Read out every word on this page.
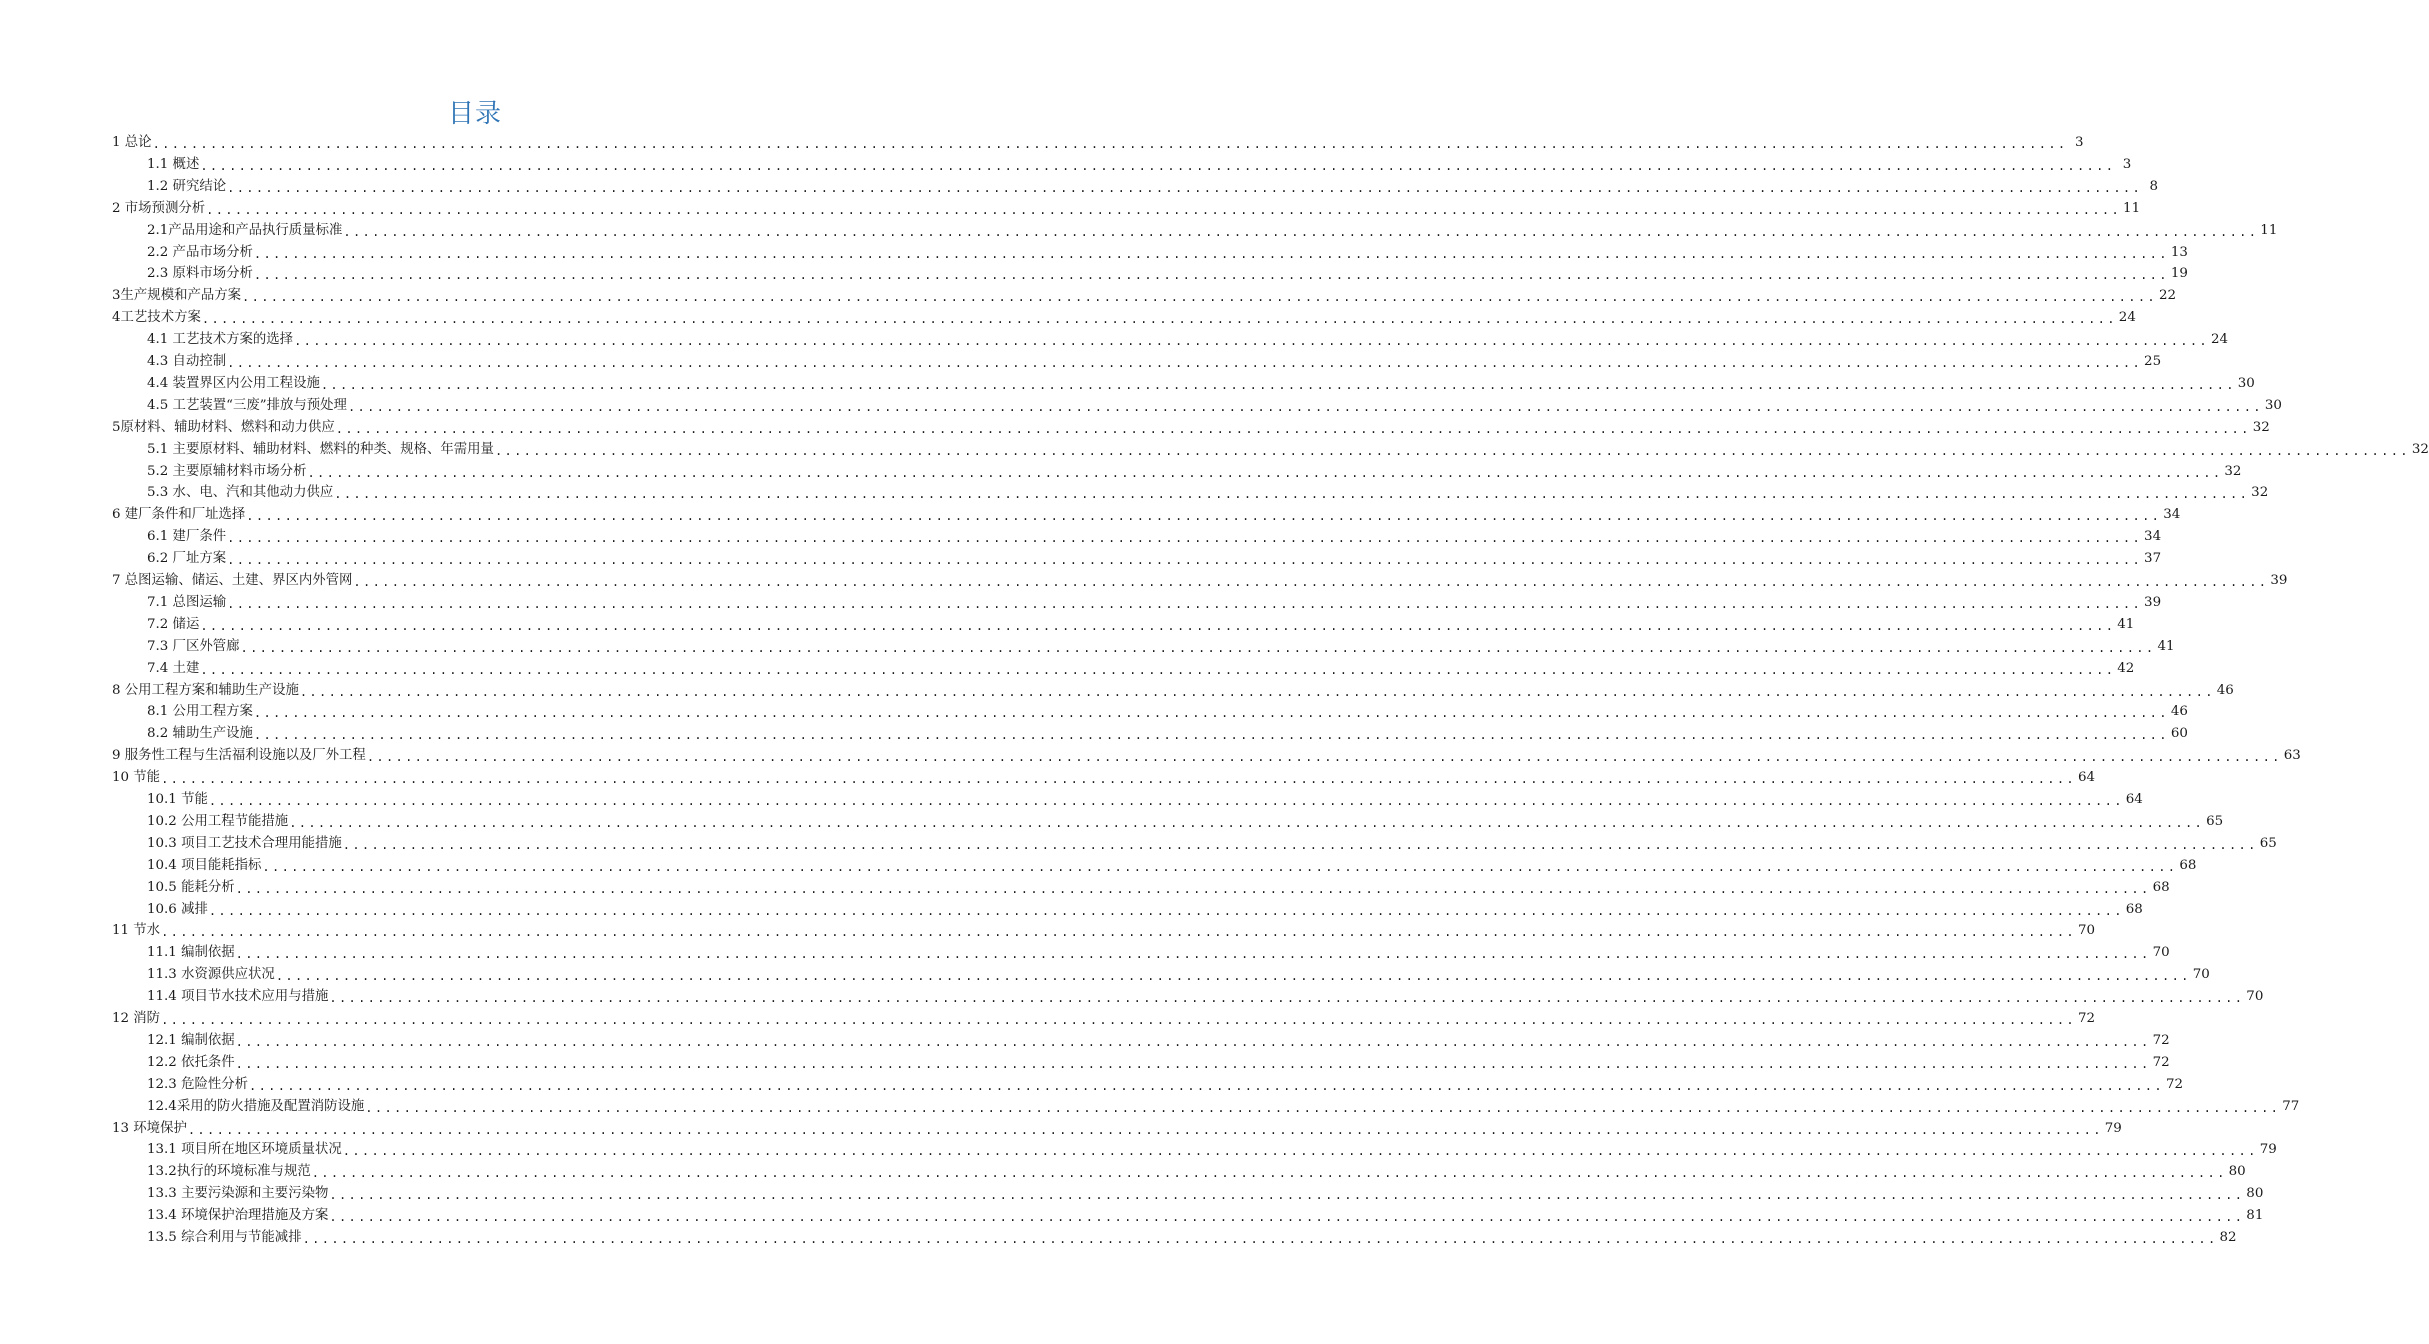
目录
1 总论 ........................................................................................................................................................................................................ 3
1.1 概述 ........................................................................................................................................................................................................ 3
1.2 研究结论 ........................................................................................................................................................................................................ 8
2 市场预测分析 ........................................................................................................................................................................................................ 11
2.1产品用途和产品执行质量标准 ........................................................................................................................................................................................................ 11
2.2 产品市场分析 ........................................................................................................................................................................................................ 13
2.3 原料市场分析 ........................................................................................................................................................................................................ 19
3生产规模和产品方案 ........................................................................................................................................................................................................ 22
4工艺技术方案 ........................................................................................................................................................................................................ 24
4.1 工艺技术方案的选择 ........................................................................................................................................................................................................ 24
4.3 自动控制 ........................................................................................................................................................................................................ 25
4.4 装置界区内公用工程设施 ........................................................................................................................................................................................................ 30
4.5 工艺装置“三废”排放与预处理 ........................................................................................................................................................................................................ 30
5原材料、辅助材料、燃料和动力供应 ........................................................................................................................................................................................................ 32
5.1 主要原材料、辅助材料、燃料的种类、规格、年需用量 ........................................................................................................................................................................................................ 32
5.2 主要原辅材料市场分析 ........................................................................................................................................................................................................ 32
5.3 水、电、汽和其他动力供应 ........................................................................................................................................................................................................ 32
6 建厂条件和厂址选择 ........................................................................................................................................................................................................ 34
6.1 建厂条件 ........................................................................................................................................................................................................ 34
6.2 厂址方案 ........................................................................................................................................................................................................ 37
7 总图运输、储运、土建、界区内外管网 ........................................................................................................................................................................................................ 39
7.1 总图运输 ........................................................................................................................................................................................................ 39
7.2 储运 ........................................................................................................................................................................................................ 41
7.3 厂区外管廊 ........................................................................................................................................................................................................ 41
7.4 土建 ........................................................................................................................................................................................................ 42
8 公用工程方案和辅助生产设施 ........................................................................................................................................................................................................ 46
8.1 公用工程方案 ........................................................................................................................................................................................................ 46
8.2 辅助生产设施 ........................................................................................................................................................................................................ 60
9 服务性工程与生活福利设施以及厂外工程 ........................................................................................................................................................................................................ 63
10 节能 ........................................................................................................................................................................................................ 64
10.1 节能 ........................................................................................................................................................................................................ 64
10.2 公用工程节能措施 ........................................................................................................................................................................................................ 65
10.3 项目工艺技术合理用能措施 ........................................................................................................................................................................................................ 65
10.4 项目能耗指标 ........................................................................................................................................................................................................ 68
10.5 能耗分析 ........................................................................................................................................................................................................ 68
10.6 减排 ........................................................................................................................................................................................................ 68
11 节水 ........................................................................................................................................................................................................ 70
11.1 编制依据 ........................................................................................................................................................................................................ 70
11.3 水资源供应状况 ........................................................................................................................................................................................................ 70
11.4 项目节水技术应用与措施 ........................................................................................................................................................................................................ 70
12 消防 ........................................................................................................................................................................................................ 72
12.1 编制依据 ........................................................................................................................................................................................................ 72
12.2 依托条件 ........................................................................................................................................................................................................ 72
12.3 危险性分析 ........................................................................................................................................................................................................ 72
12.4采用的防火措施及配置消防设施 ........................................................................................................................................................................................................ 77
13 环境保护 ........................................................................................................................................................................................................ 79
13.1 项目所在地区环境质量状况 ........................................................................................................................................................................................................ 79
13.2执行的环境标准与规范 ........................................................................................................................................................................................................ 80
13.3 主要污染源和主要污染物 ........................................................................................................................................................................................................ 80
13.4 环境保护治理措施及方案 ........................................................................................................................................................................................................ 81
13.5 综合利用与节能减排 ........................................................................................................................................................................................................ 82
